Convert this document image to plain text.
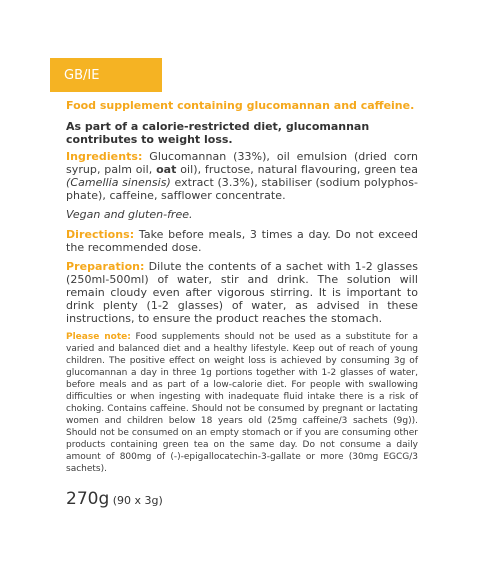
GB/IE

Food supplement containing glucomannan and caffeine.

As part of a calorie-restricted diet, glucomannan contributes to weight loss.

Ingredients: Glucomannan (33%), oil emulsion (dried corn syrup, palm oil, oat oil), fructose, natural flavouring, green tea (Camellia sinensis) extract (3.3%), stabiliser (sodium polyphos-phate), caffeine, safflower concentrate.

Vegan and gluten-free.

Directions: Take before meals, 3 times a day. Do not exceed the recommended dose.

Preparation: Dilute the contents of a sachet with 1-2 glasses (250ml-500ml) of water, stir and drink. The solution will remain cloudy even after vigorous stirring. It is important to drink plenty (1-2 glasses) of water, as advised in these instructions, to ensure the product reaches the stomach.

Please note: Food supplements should not be used as a substitute for a varied and balanced diet and a healthy lifestyle. Keep out of reach of young children. The positive effect on weight loss is achieved by consuming 3g of glucomannan a day in three 1g portions together with 1-2 glasses of water, before meals and as part of a low-calorie diet. For people with swallowing difficulties or when ingesting with inadequate fluid intake there is a risk of choking. Contains caffeine. Should not be consumed by pregnant or lactating women and children below 18 years old (25mg caffeine/3 sachets (9g)). Should not be consumed on an empty stomach or if you are consuming other products containing green tea on the same day. Do not consume a daily amount of 800mg of (-)-epigallocatechin-3-gallate or more (30mg EGCG/3 sachets).

270g (90 x 3g)
